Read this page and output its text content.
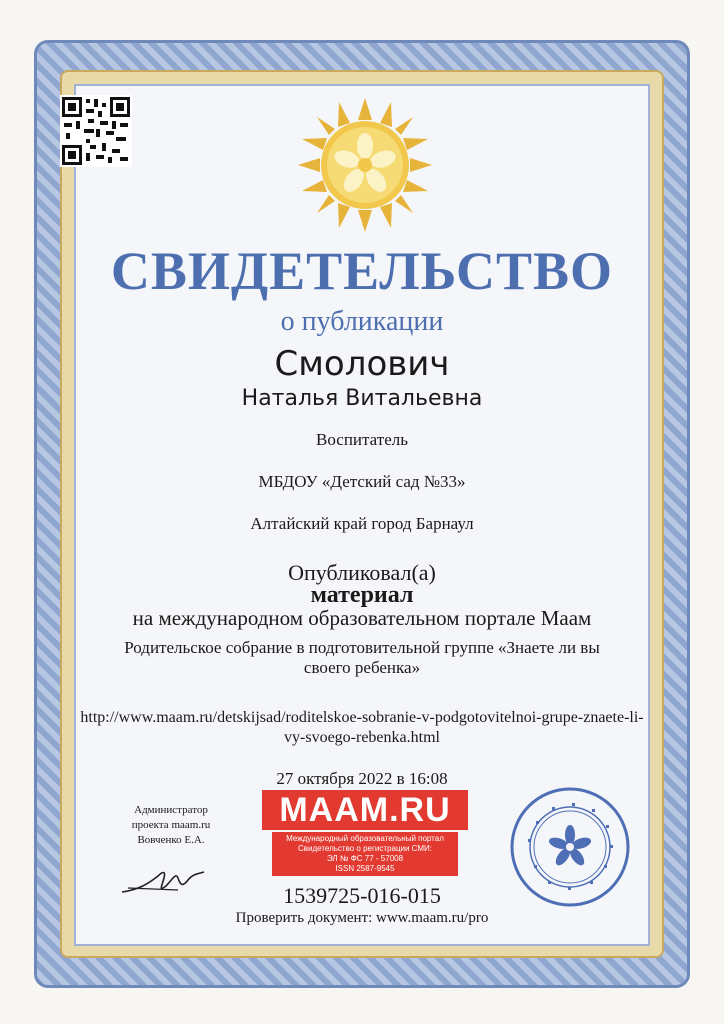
СВИДЕТЕЛЬСТВО
о публикации
Смолович
Наталья Витальевна
Воспитатель
МБДОУ «Детский сад №33»
Алтайский край город Барнаул
Опубликовал(а)
материал
на международном образовательном портале Маам
Родительское собрание в подготовительной группе «Знаете ли вы своего ребенка»
http://www.maam.ru/detskijsad/roditelskoe-sobranie-v-podgotovitelnoi-grupe-znaete-li-vy-svoego-rebenka.html
27 октября 2022 в 16:08
Администратор
проекта maam.ru
Вовченко Е.А.
MAAM.RU
Международный образовательный портал
Свидетельство о регистрации СМИ:
ЭЛ № ФС 77 - 57008
ISSN 2587-9545
1539725-016-015
Проверить документ: www.maam.ru/pro
